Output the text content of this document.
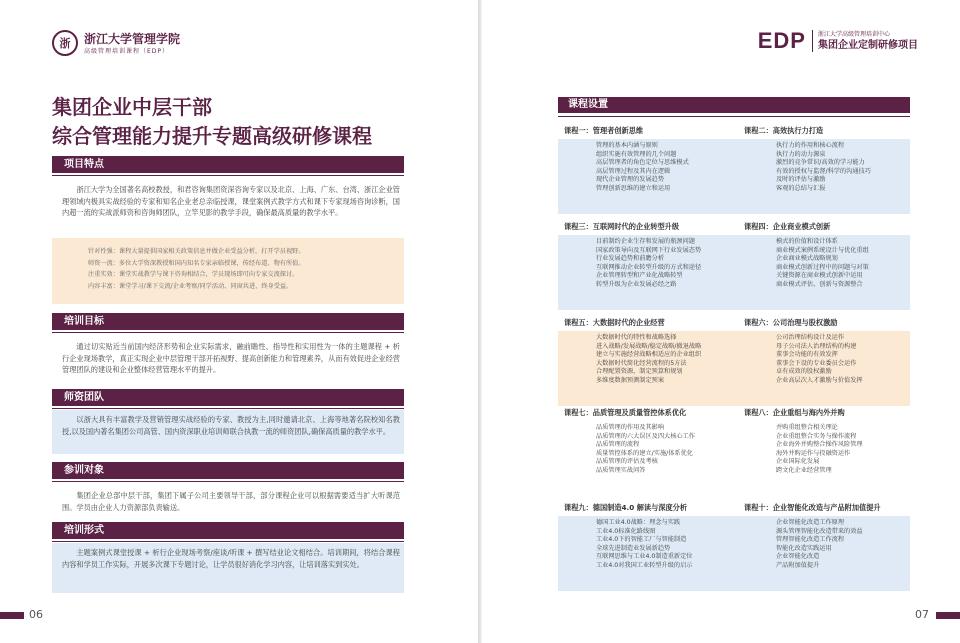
浙	浙江大学管理学院
高级管理培训课程（EDP）
集团企业中层干部
综合管理能力提升专题高级研修课程
项目特点
浙江大学为全国著名高校教授，和君咨询集团资深咨询专家以及北京、上海、广东、台湾、浙江企业管理领域内极具实战经验的专家和知名企业老总亲临授课，课堂案例式教学方式和课下专家现场咨询诊断，国内超一流的实战派师资和咨询师团队，立竿见影的教学手段，确保最高质量的教学水平。
针对性强：课程大量提供国家相关政策信息并做企业受益分析，打开学员视野。
师资一流：多位大学资深教授和国内知名专家亲临授课，传经布道、物有所值。
注重实效：课堂实战教学与课下咨询相结合，学员现场即可向专家交流探讨。
内容丰富：课堂学习/课下交流/企业考察/同学活动、同窗共进、终身受益。
培训目标
通过切实贴近当前国内经济形势和企业实际需求，融前瞻性、指导性和实用性为一体的主题课程 + 析行企业现场教学，真正实现企业中层管理干部开拓视野、提高创新能力和管理素养，从而有效促进企业经营管理团队的建设和企业整体经营管理水平的提升。
师资团队
以浙大具有丰富教学及营销管理实战经验的专家、教授为主,同时邀请北京、上海等地著名院校知名教授,以及国内著名集团公司高管、国内资深职业培训师联合执教一流的师资团队,确保高质量的教学水平。
参训对象
集团企业总部中层干部，集团下属子公司主要领导干部，部分课程企业可以根据需要适当扩大听课范围。学员由企业人力资源部负责输送。
培训形式
主题案例式课堂授课 + 析行企业现场考察/座谈/听课 + 撰写结业论文相结合。培训期间，将结合课程内容和学员工作实际，开展多次课下专题讨论，让学员很好消化学习内容，让培训落实到实处。
06
EDP 浙江大学高级管理培训中心
集团企业定制研修项目
课程设置
课程一：管理者创新思维
管理的基本内涵与原则
组织实施有效管理的几个问题
高层管理者的角色定位与思维模式
高层管理过程及其内在逻辑
现代企业管理的发展趋势
管理创新思维的建立和运用
课程二：高效执行力打造
执行力的作用和核心流程
执行力的动力源泉
激烈的竞争常识/高效的学习能力
有效的授权与监督/科学的沟通技巧
及时的评估与激励
客观的总结与汇报
课程三：互联网时代的企业转型升级
目前制约企业生存和发展的瓶颈问题
国家政策导向及互联网下行业发展态势
行业发展趋势和前瞻分析
互联网推动企业转型升级的方式和途径
企业管理转型和产业化战略转型
转型升级为企业发展必经之路
课程四：企业商业模式创新
模式的价值和设计体系
商业模式案例系统设计与优化重组
企业商业模式战略规划
商业模式创新过程中的问题与对策
关键资源在商业模式创新中运用
商业模式评估、创新与资源整合
课程五：大数据时代的企业经营
大数据时代的特性和战略选择
进入战略/发展战略/稳定战略/撤退战略
建立与实施经营战略相适应的企业组织
大数据时代简化经营流程的5方法
合理配置资源，制定预算和规划
多维度数据预测制定预案
课程六：公司治理与股权激励
公司治理结构设计及运作
母子公司法人治理结构的构建
董事会功能的有效发挥
董事会下设的专业委员会运作
卓有成效的股权激励
企业高层次人才激励与价值发挥
课程七：品质管理及质量管控体系优化
品质管理的作用及其影响
品质管理的六大误区及四大核心工作
品质管理的流程
质量管控体系的建立/实施/体系优化
品质管理的评估及考核
品质管理实战问答
课程八：企业重组与海内外并购
并购重组整合相关理论
企业重组整合实务与操作流程
企业海外并购整合操作风险管理
海外并购运作与投融资运作
企业国际化发展
跨文化企业经营管理
课程九：德国制造4.0 解读与深度分析
德国工业4.0战略：理念与实践
工业4.0标准化路线图
工业4.0下的智能工厂与智能制造
全球先进制造业发展新趋势
互联网思维与工业4.0制造重新定位
工业4.0对我国工业转型升级的启示
课程十：企业智能化改造与产品附加值提升
企业智能化改造工作原理
源头管理智能化改造带来的效益
管理智能化改造工作流程
智能化改造实践运用
企业智能化改造
产品附加值提升
07
